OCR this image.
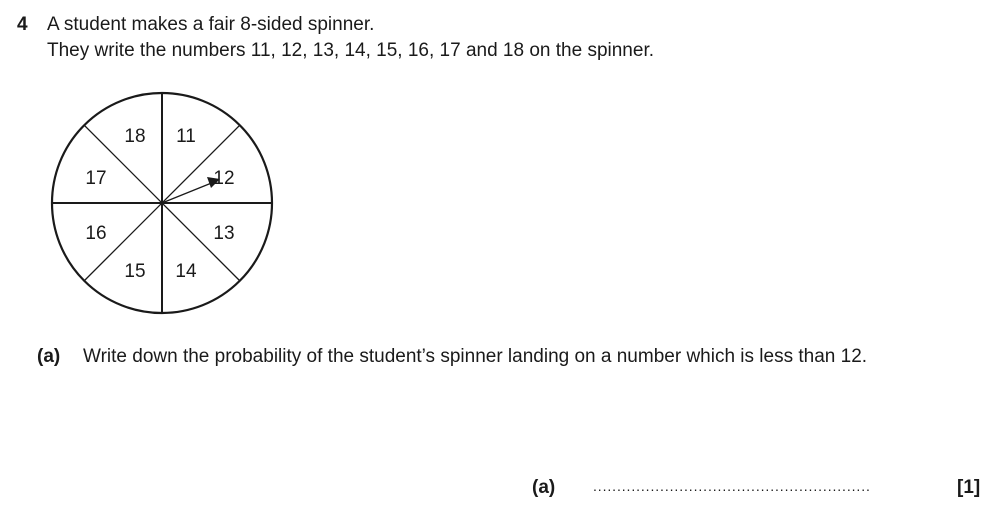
4 A student makes a fair 8-sided spinner.
They write the numbers 11, 12, 13, 14, 15, 16, 17 and 18 on the spinner.
11
12
13
14
15
16
17
18
(a) Write down the probability of the student’s spinner landing on a number which is less than 12.
(a)	..........................................................	[1]
